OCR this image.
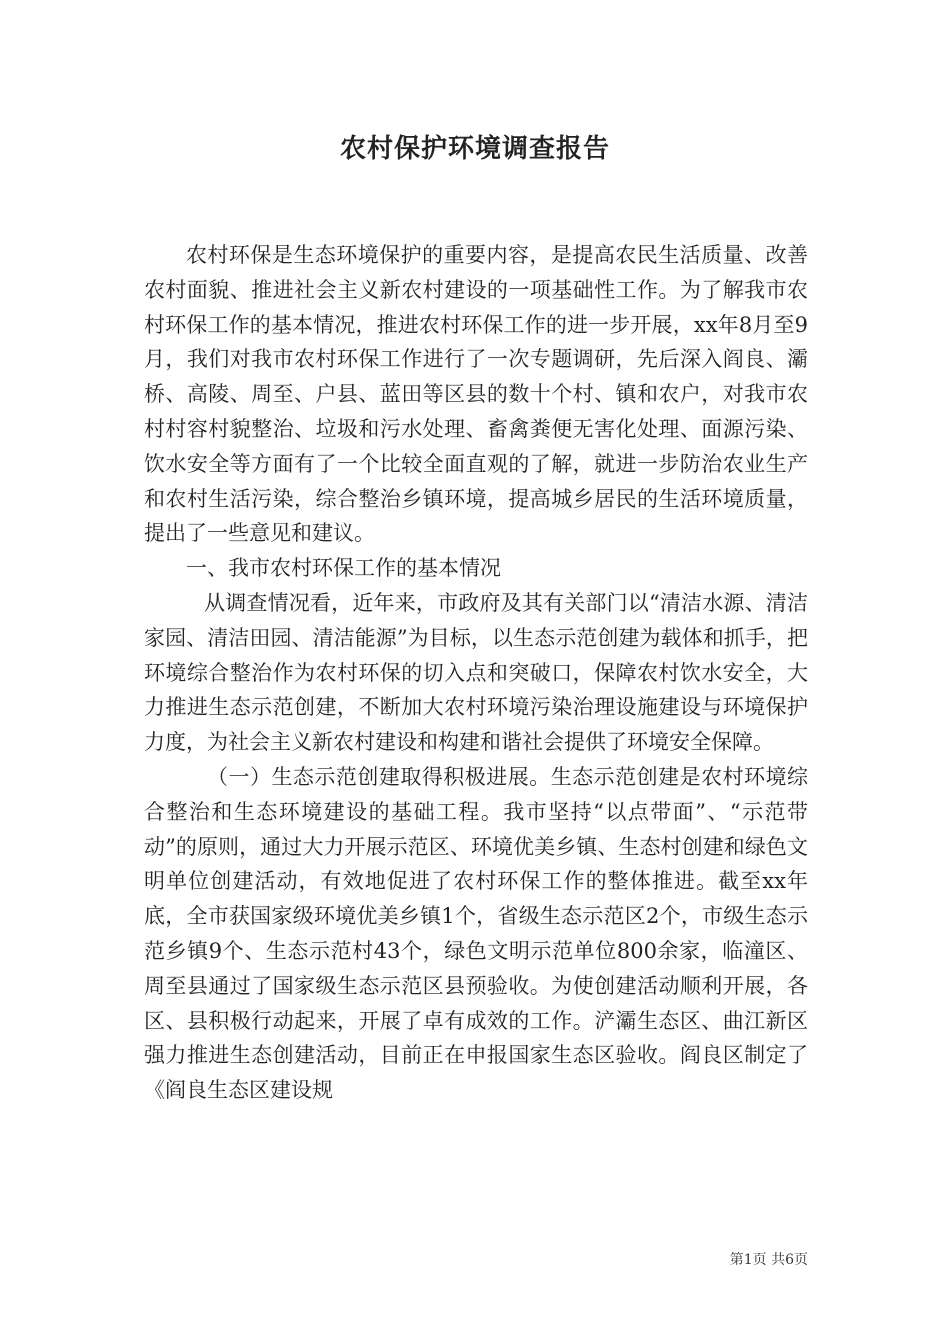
农村保护环境调查报告

农村环保是生态环境保护的重要内容，是提高农民生活质量、改善农村面貌、推进社会主义新农村建设的一项基础性工作。为了解我市农村环保工作的基本情况，推进农村环保工作的进一步开展，xx年8月至9月，我们对我市农村环保工作进行了一次专题调研，先后深入阎良、灞桥、高陵、周至、户县、蓝田等区县的数十个村、镇和农户，对我市农村村容村貌整治、垃圾和污水处理、畜禽粪便无害化处理、面源污染、饮水安全等方面有了一个比较全面直观的了解，就进一步防治农业生产和农村生活污染，综合整治乡镇环境，提高城乡居民的生活环境质量，提出了一些意见和建议。

一、我市农村环保工作的基本情况

从调查情况看，近年来，市政府及其有关部门以“清洁水源、清洁家园、清洁田园、清洁能源”为目标，以生态示范创建为载体和抓手，把环境综合整治作为农村环保的切入点和突破口，保障农村饮水安全，大力推进生态示范创建，不断加大农村环境污染治理设施建设与环境保护力度，为社会主义新农村建设和构建和谐社会提供了环境安全保障。

（一）生态示范创建取得积极进展。生态示范创建是农村环境综合整治和生态环境建设的基础工程。我市坚持“以点带面”、“示范带动”的原则，通过大力开展示范区、环境优美乡镇、生态村创建和绿色文明单位创建活动，有效地促进了农村环保工作的整体推进。截至xx年底，全市获国家级环境优美乡镇1个，省级生态示范区2个，市级生态示范乡镇9个、生态示范村43个，绿色文明示范单位800余家，临潼区、周至县通过了国家级生态示范区县预验收。为使创建活动顺利开展，各区、县积极行动起来，开展了卓有成效的工作。浐灞生态区、曲江新区强力推进生态创建活动，目前正在申报国家生态区验收。阎良区制定了《阎良生态区建设规

第1页 共6页
